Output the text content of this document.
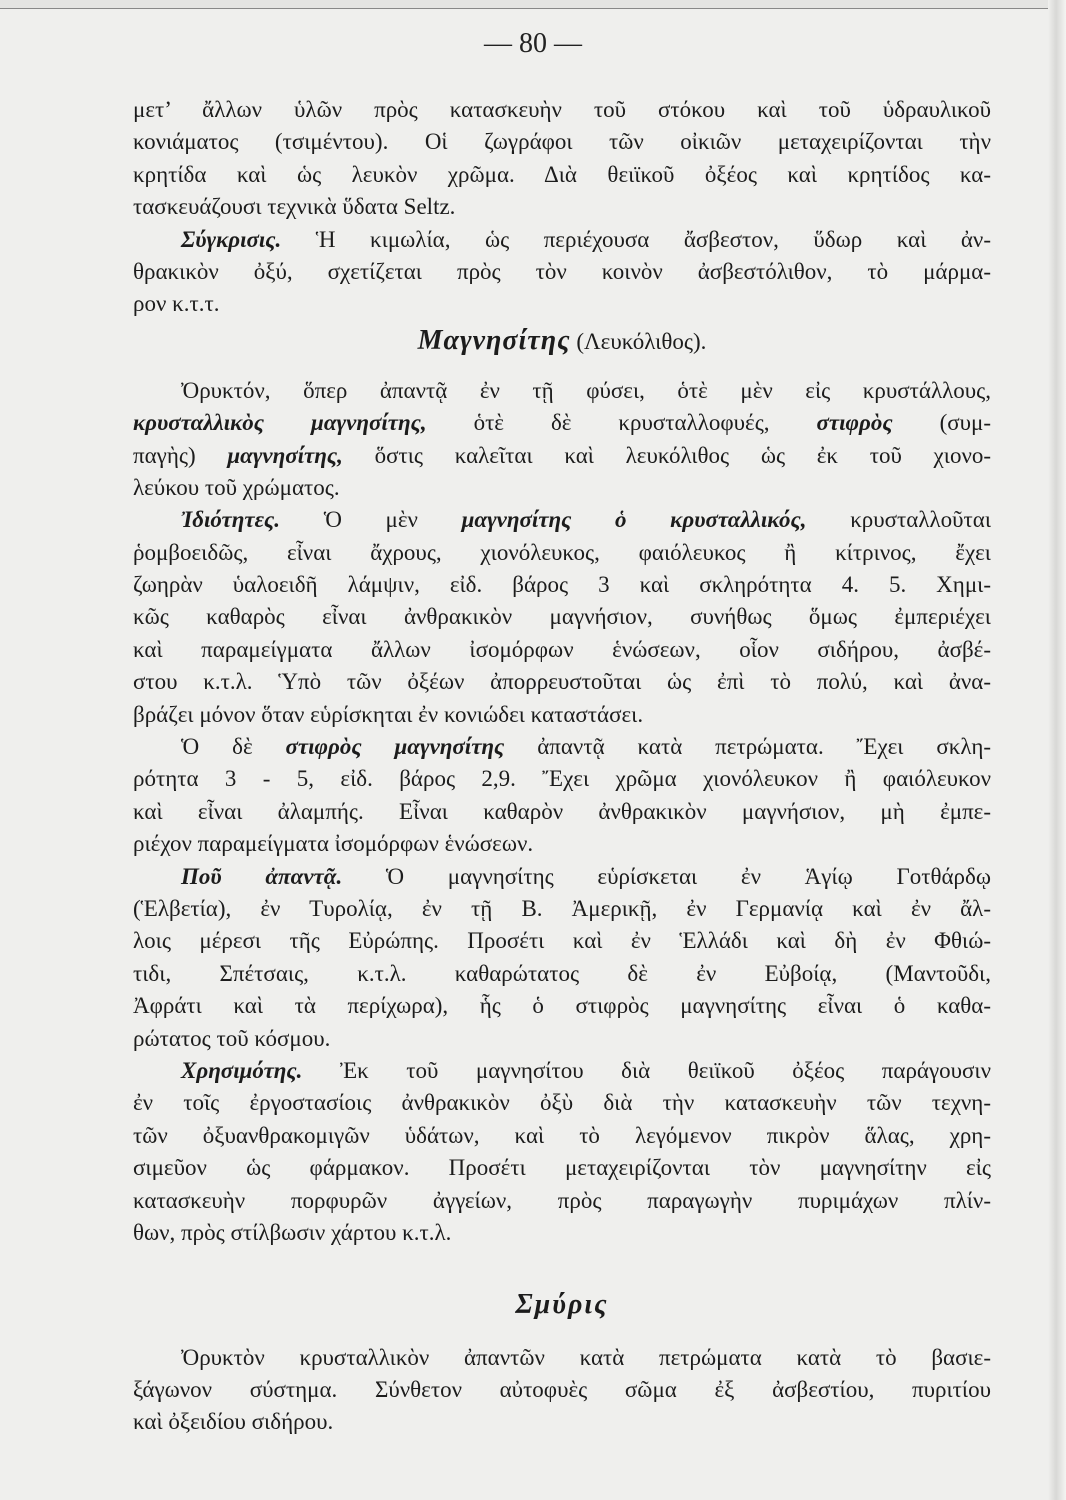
— 80 —
μετ’ ἄλλων ὑλῶν πρὸς κατασκευὴν τοῦ στόκου καὶ τοῦ ὑδραυλικοῦ
κονιάματος (τσιμέντου). Οἱ ζωγράφοι τῶν οἰκιῶν μεταχειρίζονται τὴν
κρητίδα καὶ ὡς λευκὸν χρῶμα. Διὰ θειϊκοῦ ὀξέος καὶ κρητίδος κα-
τασκευάζουσι τεχνικὰ ὕδατα Seltz.
Σύγκρισις. Ἡ κιμωλία, ὡς περιέχουσα ἄσβεστον, ὕδωρ καὶ ἀν-
θρακικὸν ὀξύ, σχετίζεται πρὸς τὸν κοινὸν ἀσβεστόλιθον, τὸ μάρμα-
ρον κ.τ.τ.
Μαγνησίτης (Λευκόλιθος).
Ὀρυκτόν, ὅπερ ἀπαντᾷ ἐν τῇ φύσει, ὁτὲ μὲν εἰς κρυστάλλους,
κρυσταλλικὸς μαγνησίτης, ὁτὲ δὲ κρυσταλλοφυές, στιφρὸς (συμ-
παγὴς) μαγνησίτης, ὅστις καλεῖται καὶ λευκόλιθος ὡς ἐκ τοῦ χιονο-
λεύκου τοῦ χρώματος.
Ἰδιότητες. Ὁ μὲν μαγνησίτης ὁ κρυσταλλικός, κρυσταλλοῦται
ῥομβοειδῶς, εἶναι ἄχρους, χιονόλευκος, φαιόλευκος ἢ κίτρινος, ἔχει
ζωηρὰν ὑαλοειδῆ λάμψιν, εἰδ. βάρος 3 καὶ σκληρότητα 4. 5. Χημι-
κῶς καθαρὸς εἶναι ἀνθρακικὸν μαγνήσιον, συνήθως ὅμως ἐμπεριέχει
καὶ παραμείγματα ἄλλων ἰσομόρφων ἑνώσεων, οἷον σιδήρου, ἀσβέ-
στου κ.τ.λ. Ὑπὸ τῶν ὀξέων ἀπορρευστοῦται ὡς ἐπὶ τὸ πολύ, καὶ ἀνα-
βράζει μόνον ὅταν εὑρίσκηται ἐν κονιώδει καταστάσει.
Ὁ δὲ στιφρὸς μαγνησίτης ἀπαντᾷ κατὰ πετρώματα. Ἔχει σκλη-
ρότητα 3 - 5, εἰδ. βάρος 2,9. Ἔχει χρῶμα χιονόλευκον ἢ φαιόλευκον
καὶ εἶναι ἀλαμπής. Εἶναι καθαρὸν ἀνθρακικὸν μαγνήσιον, μὴ ἐμπε-
ριέχον παραμείγματα ἰσομόρφων ἑνώσεων.
Ποῦ ἀπαντᾷ. Ὁ μαγνησίτης εὑρίσκεται ἐν Ἁγίῳ Γοτθάρδῳ
(Ἑλβετία), ἐν Τυρολίᾳ, ἐν τῇ Β. Ἀμερικῇ, ἐν Γερμανίᾳ καὶ ἐν ἄλ-
λοις μέρεσι τῆς Εὐρώπης. Προσέτι καὶ ἐν Ἑλλάδι καὶ δὴ ἐν Φθιώ-
τιδι, Σπέτσαις, κ.τ.λ. καθαρώτατος δὲ ἐν Εὐβοίᾳ, (Μαντοῦδι,
Ἀφράτι καὶ τὰ περίχωρα), ἧς ὁ στιφρὸς μαγνησίτης εἶναι ὁ καθα-
ρώτατος τοῦ κόσμου.
Χρησιμότης. Ἐκ τοῦ μαγνησίτου διὰ θειϊκοῦ ὀξέος παράγουσιν
ἐν τοῖς ἐργοστασίοις ἀνθρακικὸν ὀξὺ διὰ τὴν κατασκευὴν τῶν τεχνη-
τῶν ὀξυανθρακομιγῶν ὑδάτων, καὶ τὸ λεγόμενον πικρὸν ἅλας, χρη-
σιμεῦον ὡς φάρμακον. Προσέτι μεταχειρίζονται τὸν μαγνησίτην εἰς
κατασκευὴν πορφυρῶν ἀγγείων, πρὸς παραγωγὴν πυριμάχων πλίν-
θων, πρὸς στίλβωσιν χάρτου κ.τ.λ.
Σμύρις
Ὀρυκτὸν κρυσταλλικὸν ἀπαντῶν κατὰ πετρώματα κατὰ τὸ βασιε-
ξάγωνον σύστημα. Σύνθετον αὐτοφυὲς σῶμα ἐξ ἀσβεστίου, πυριτίου
καὶ ὀξειδίου σιδήρου.
